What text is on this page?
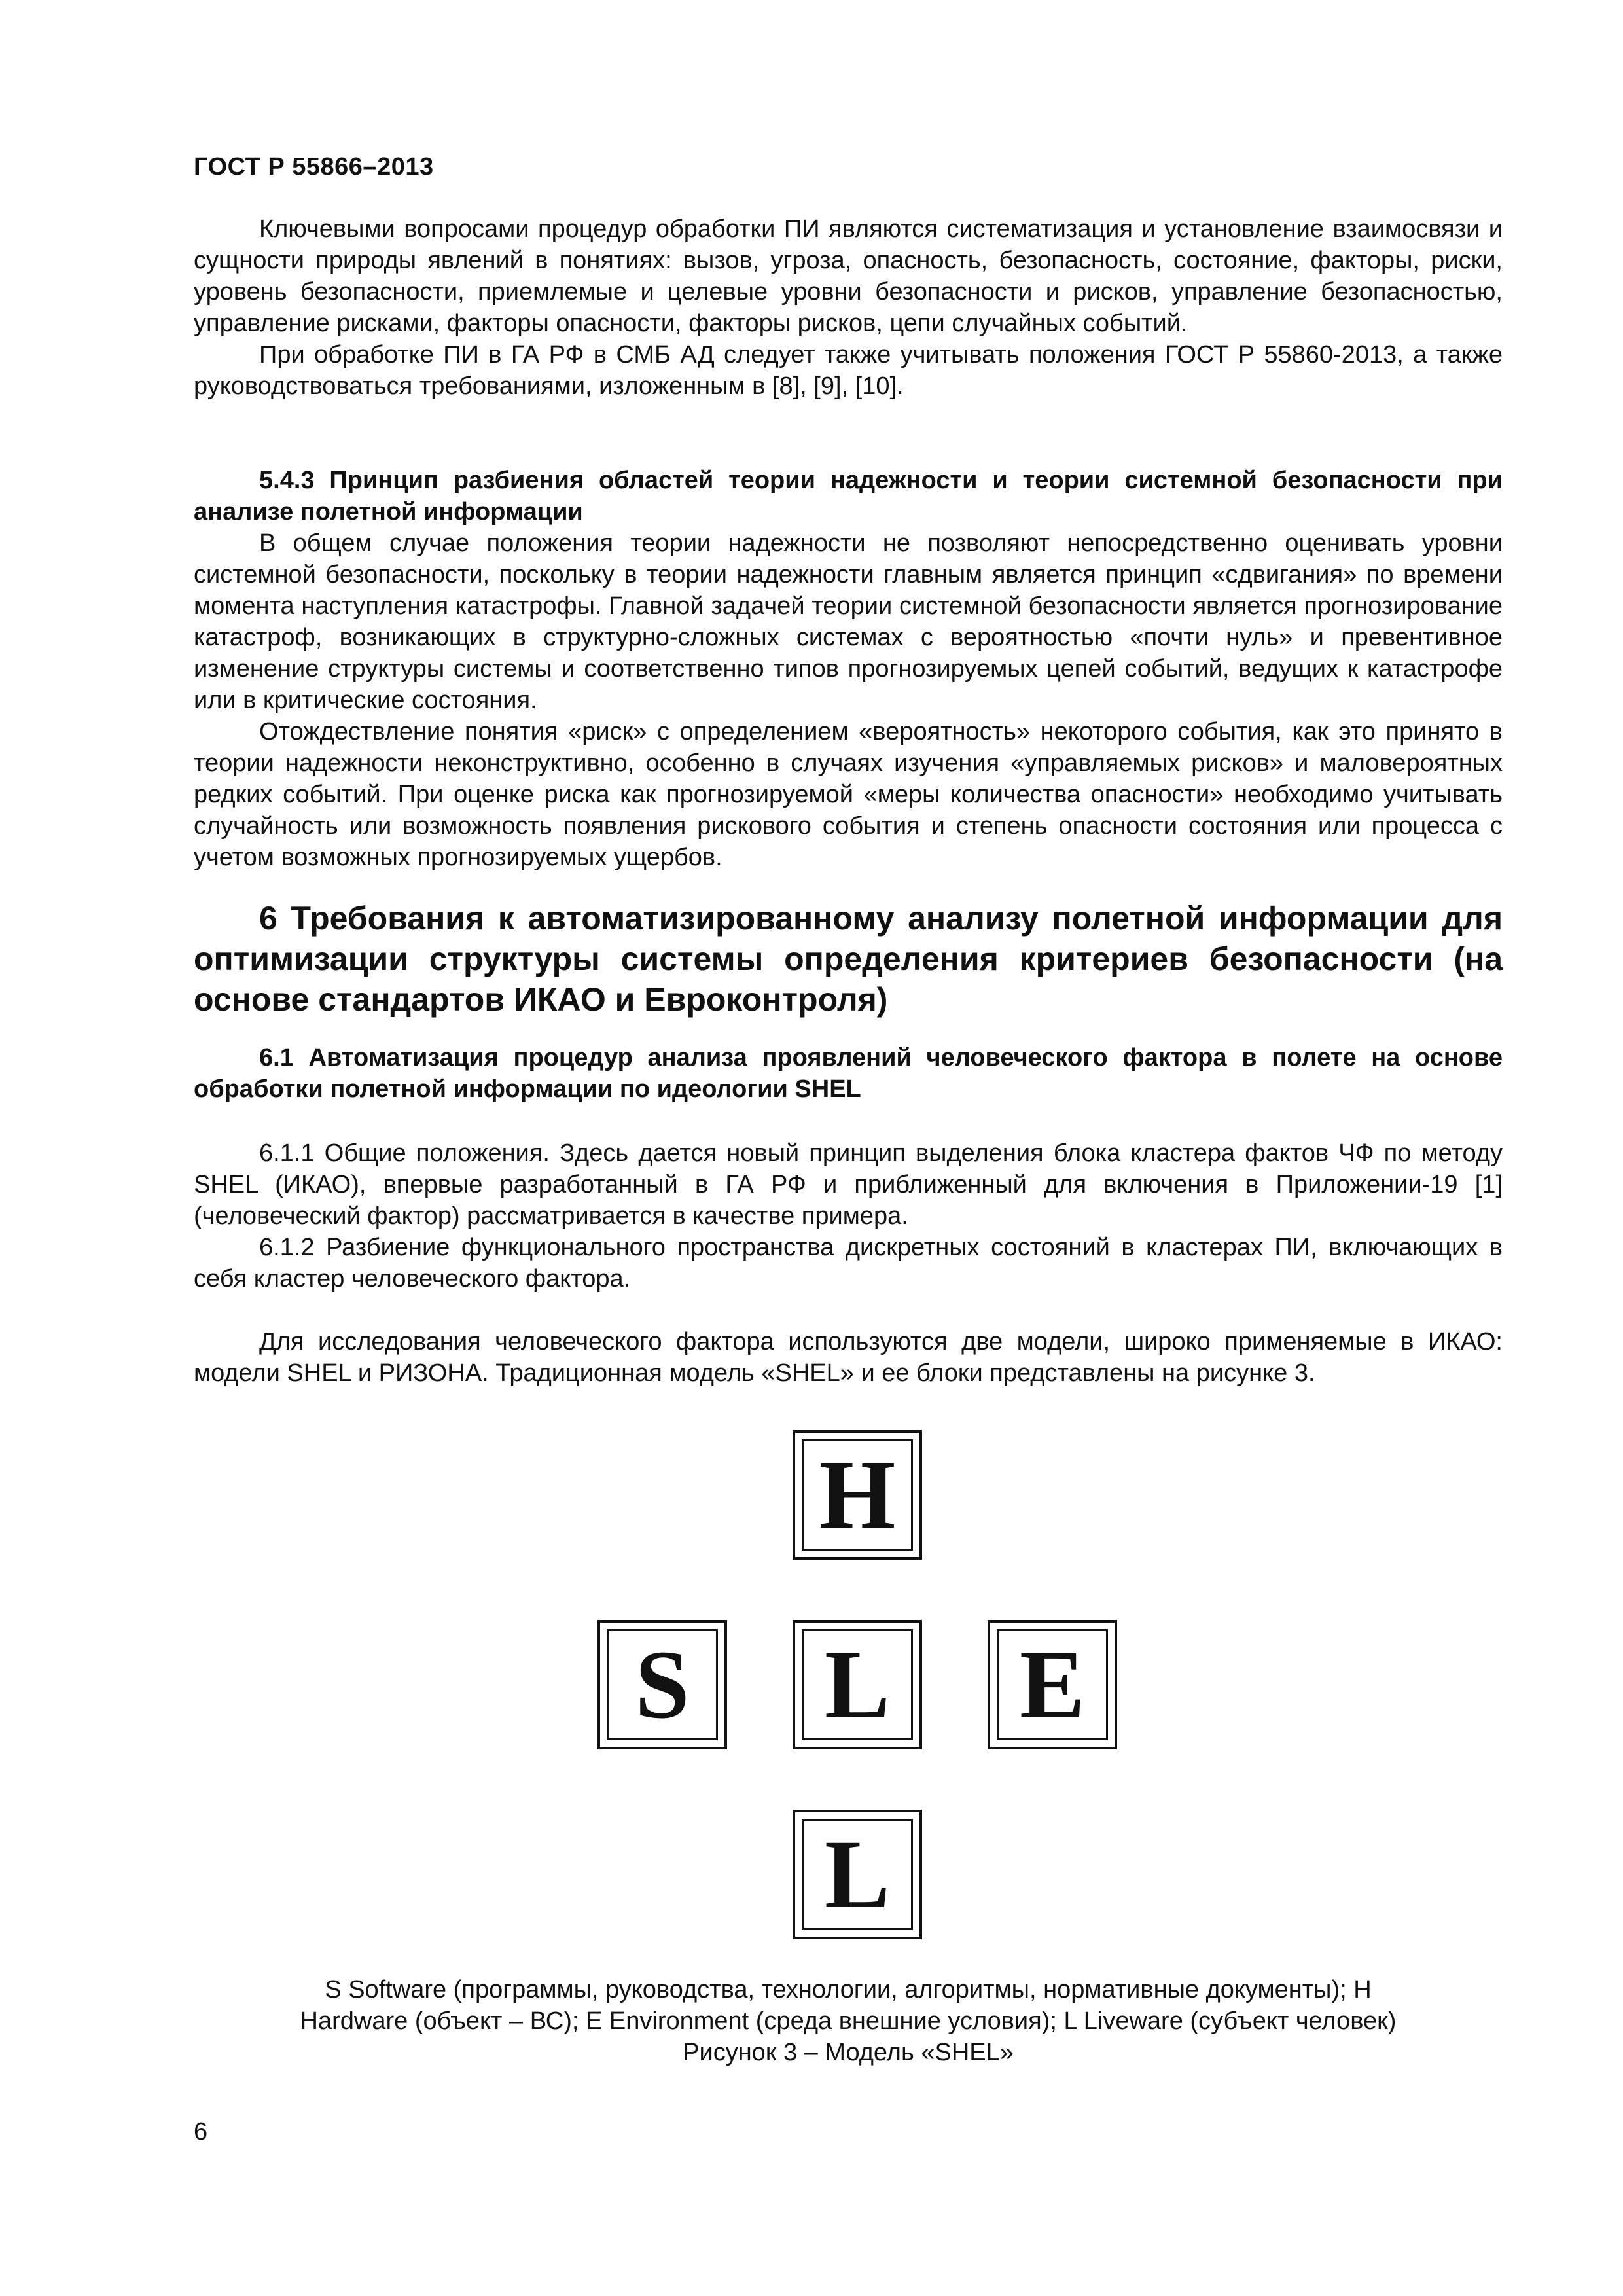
ГОСТ Р 55866–2013

Ключевыми вопросами процедур обработки ПИ являются систематизация и установление взаимосвязи и сущности природы явлений в понятиях: вызов, угроза, опасность, безопасность, состояние, факторы, риски, уровень безопасности, приемлемые и целевые уровни безопасности и рисков, управление безопасностью, управление рисками, факторы опасности, факторы рисков, цепи случайных событий.

При обработке ПИ в ГА РФ в СМБ АД следует также учитывать положения ГОСТ Р 55860-2013, а также руководствоваться требованиями, изложенным в [8], [9], [10].

5.4.3 Принцип разбиения областей теории надежности и теории системной безопасности при анализе полетной информации

В общем случае положения теории надежности не позволяют непосредственно оценивать уровни системной безопасности, поскольку в теории надежности главным является принцип «сдвигания» по времени момента наступления катастрофы. Главной задачей теории системной безопасности является прогнозирование катастроф, возникающих в структурно-сложных системах с вероятностью «почти нуль» и превентивное изменение структуры системы и соответственно типов прогнозируемых цепей событий, ведущих к катастрофе или в критические состояния.

Отождествление понятия «риск» с определением «вероятность» некоторого события, как это принято в теории надежности неконструктивно, особенно в случаях изучения «управляемых рисков» и маловероятных редких событий. При оценке риска как прогнозируемой «меры количества опасности» необходимо учитывать случайность или возможность появления рискового события и степень опасности состояния или процесса с учетом возможных прогнозируемых ущербов.

6 Требования к автоматизированному анализу полетной информации для оптимизации структуры системы определения критериев безопасности (на основе стандартов ИКАО и Евроконтроля)

6.1 Автоматизация процедур анализа проявлений человеческого фактора в полете на основе обработки полетной информации по идеологии SHEL

6.1.1 Общие положения. Здесь дается новый принцип выделения блока кластера фактов ЧФ по методу SHEL (ИКАО), впервые разработанный в ГА РФ и приближенный для включения в Приложении-19 [1] (человеческий фактор) рассматривается в качестве примера.

6.1.2 Разбиение функционального пространства дискретных состояний в кластерах ПИ, включающих в себя кластер человеческого фактора.

Для исследования человеческого фактора используются две модели, широко применяемые в ИКАО: модели SHEL и РИЗОНА. Традиционная модель «SHEL» и ее блоки представлены на рисунке 3.

H
S L E
L
S Software (программы, руководства, технологии, алгоритмы, нормативные документы); H
Hardware (объект – ВС); E Environment (среда внешние условия); L Liveware (субъект человек)
Рисунок 3 – Модель «SHEL»
6
